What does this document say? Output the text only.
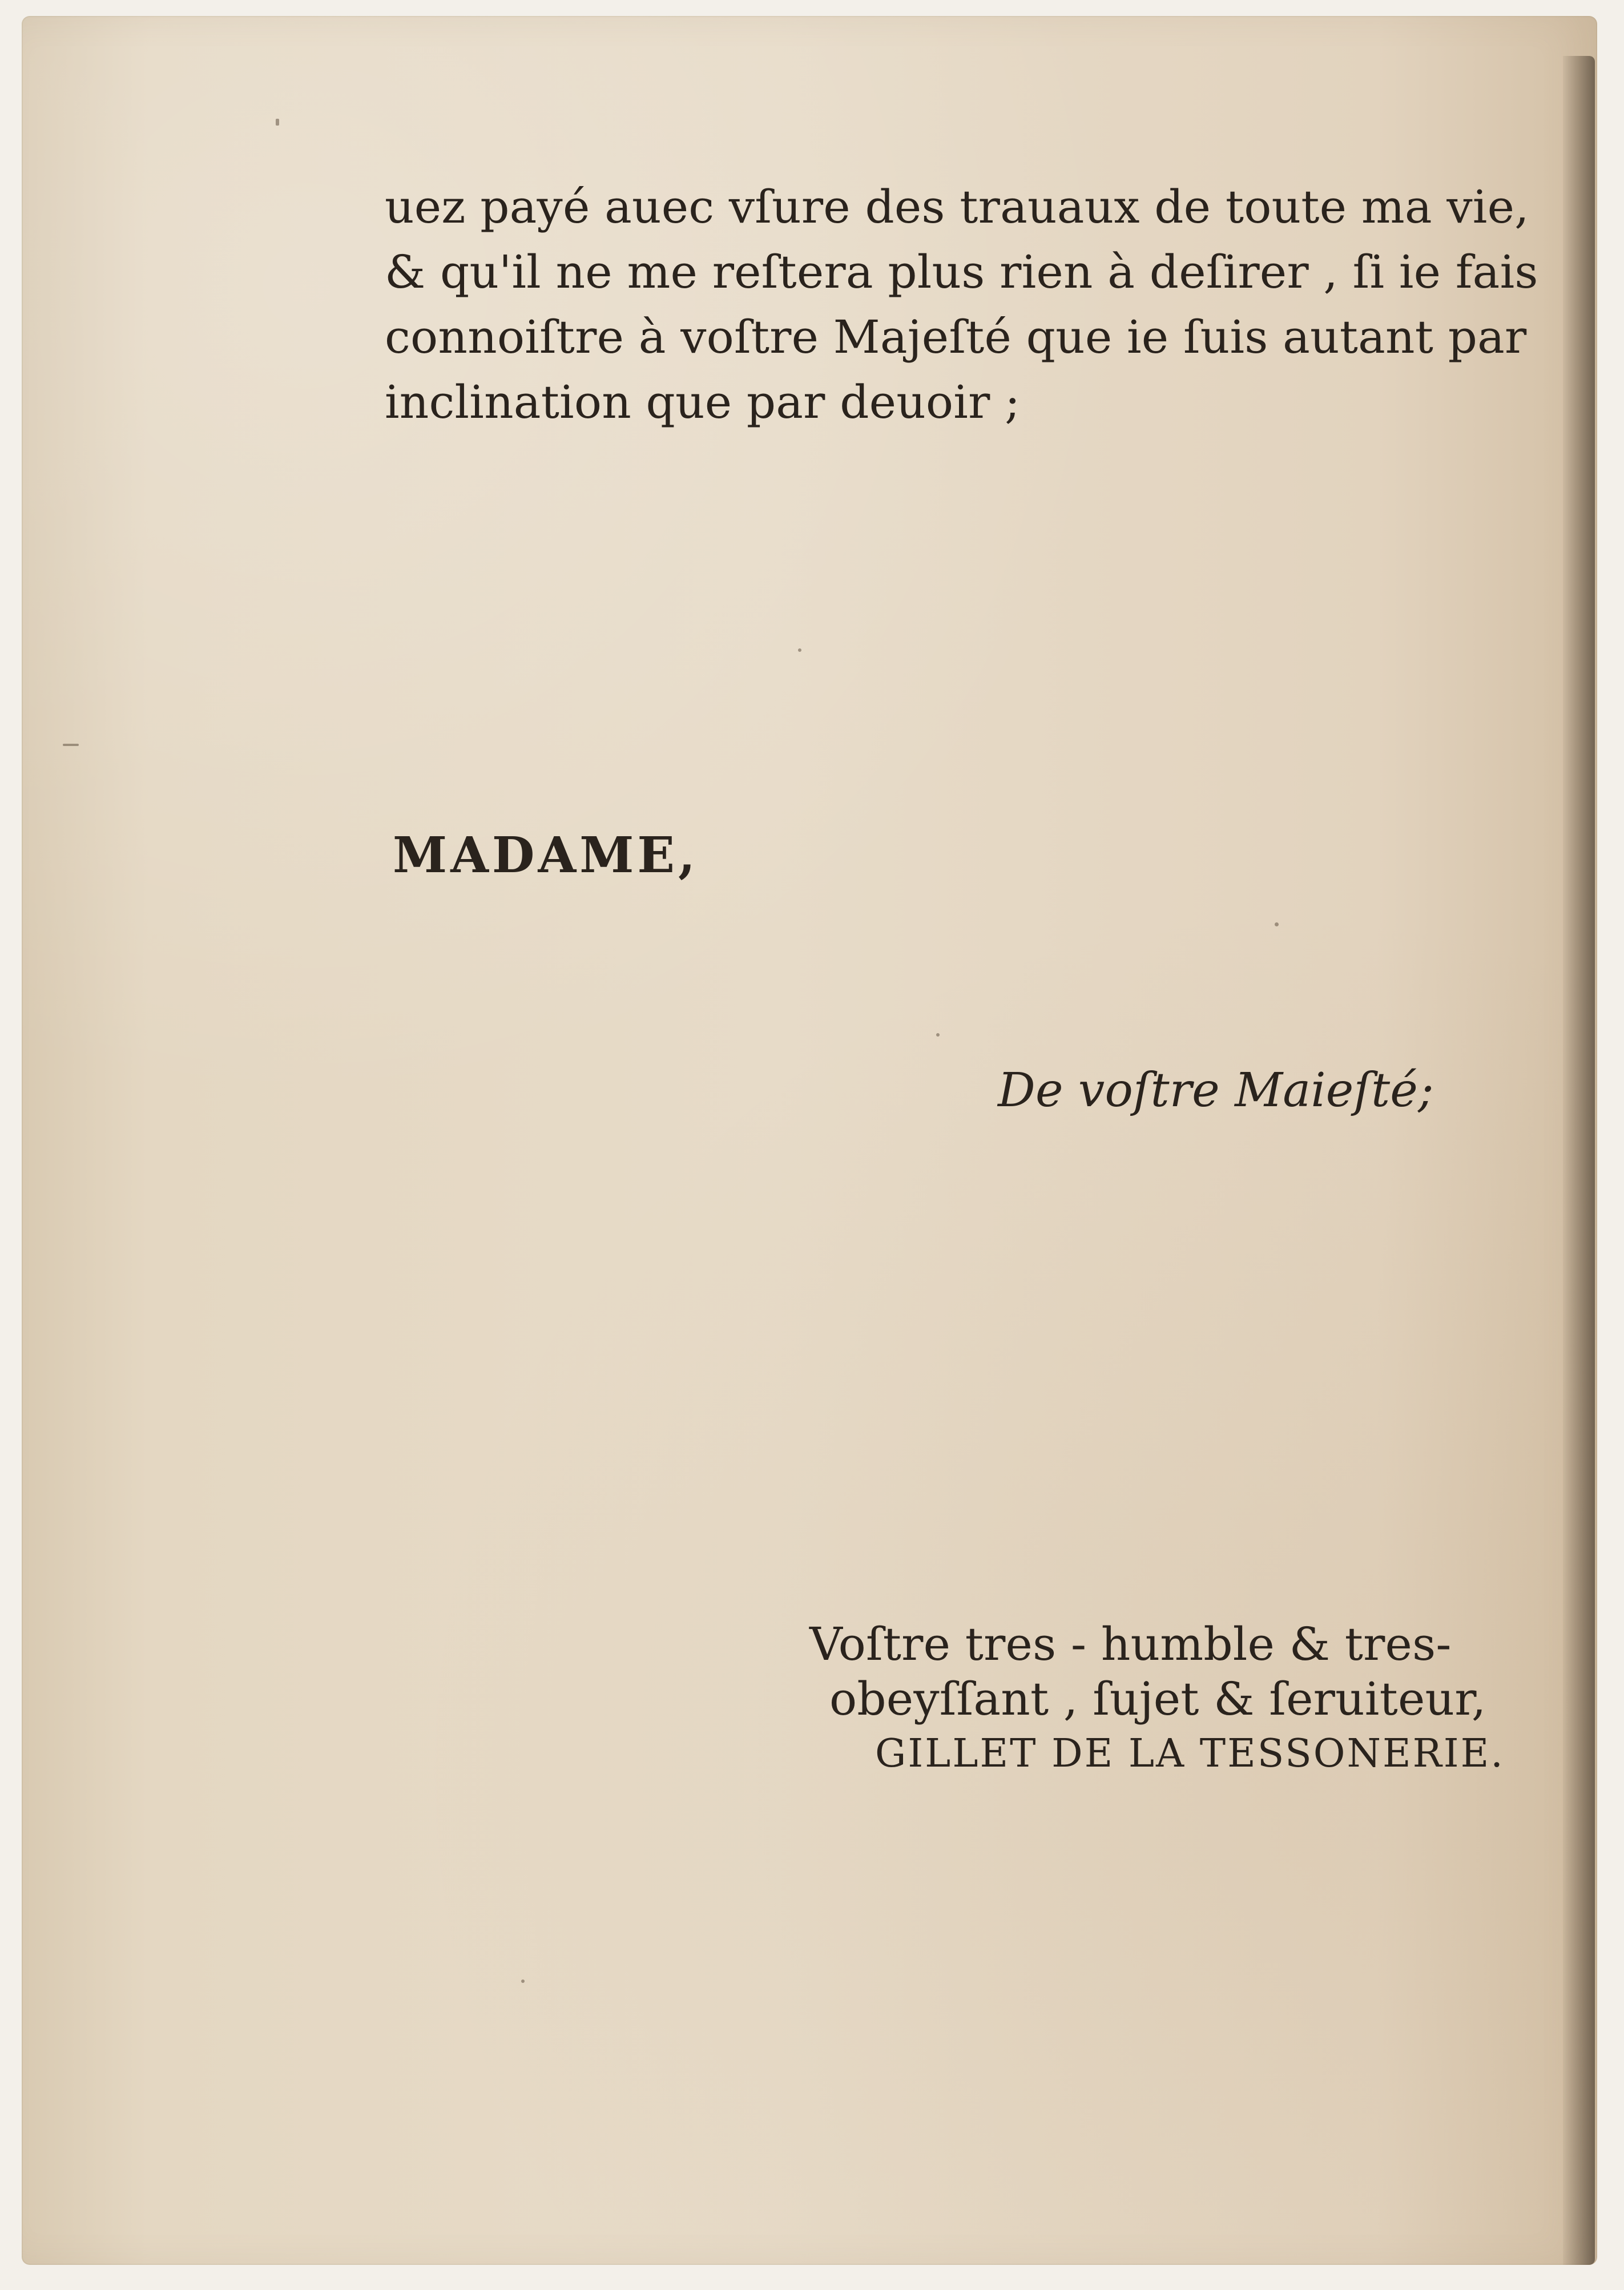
uez payé auec vſure des trauaux de toute ma vie,

& qu'il ne me reſtera plus rien à deſirer , ſi ie fais

connoiſtre à voſtre Majeſté que ie ſuis autant par

inclination que par deuoir ;

MADAME,
De voſtre Maieſté;
Voſtre tres - humble & tres-
obeyſſant , ſujet & ſeruiteur,
GILLET DE LA TESSONERIE.
